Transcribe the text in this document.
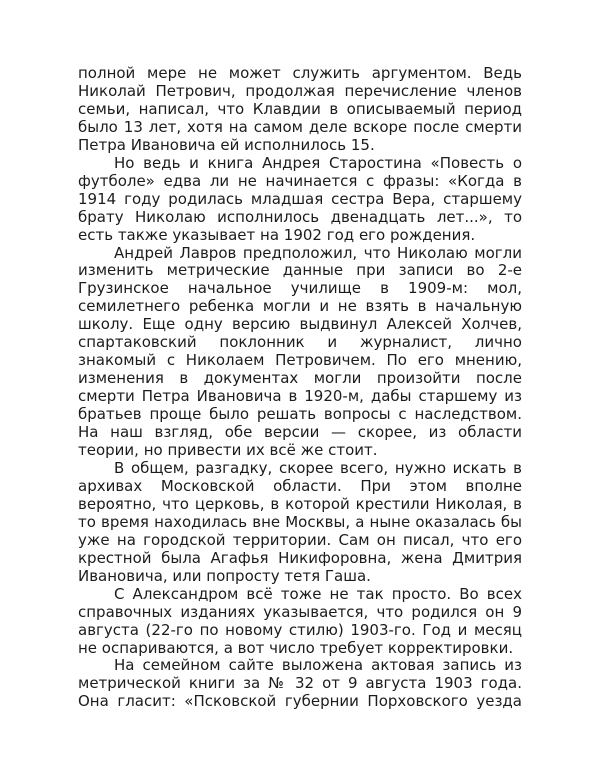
полной мере не может служить аргументом. Ведь Николай Петрович, продолжая перечисление членов семьи, написал, что Клавдии в описываемый период было 13 лет, хотя на самом деле вскоре после смерти Петра Ивановича ей исполнилось 15.

Но ведь и книга Андрея Старостина «Повесть о футболе» едва ли не начинается с фразы: «Когда в 1914 году родилась младшая сестра Вера, старшему брату Николаю исполнилось двенадцать лет...», то есть также указывает на 1902 год его рождения.

Андрей Лавров предположил, что Николаю могли изменить метрические данные при записи во 2-е Грузинское начальное училище в 1909-м: мол, семилетнего ребенка могли и не взять в начальную школу. Еще одну версию выдвинул Алексей Холчев, спартаковский поклонник и журналист, лично знакомый с Николаем Петровичем. По его мнению, изменения в документах могли произойти после смерти Петра Ивановича в 1920-м, дабы старшему из братьев проще было решать вопросы с наследством. На наш взгляд, обе версии — скорее, из области теории, но привести их всё же стоит.

В общем, разгадку, скорее всего, нужно искать в архивах Московской области. При этом вполне вероятно, что церковь, в которой крестили Николая, в то время находилась вне Москвы, а ныне оказалась бы уже на городской территории. Сам он писал, что его крестной была Агафья Никифоровна, жена Дмитрия Ивановича, или попросту тетя Гаша.

С Александром всё тоже не так просто. Во всех справочных изданиях указывается, что родился он 9 августа (22-го по новому стилю) 1903-го. Год и месяц не оспариваются, а вот число требует корректировки.

На семейном сайте выложена актовая запись из метрической книги за № 32 от 9 августа 1903 года. Она гласит: «Псковской губернии Порховского уезда
